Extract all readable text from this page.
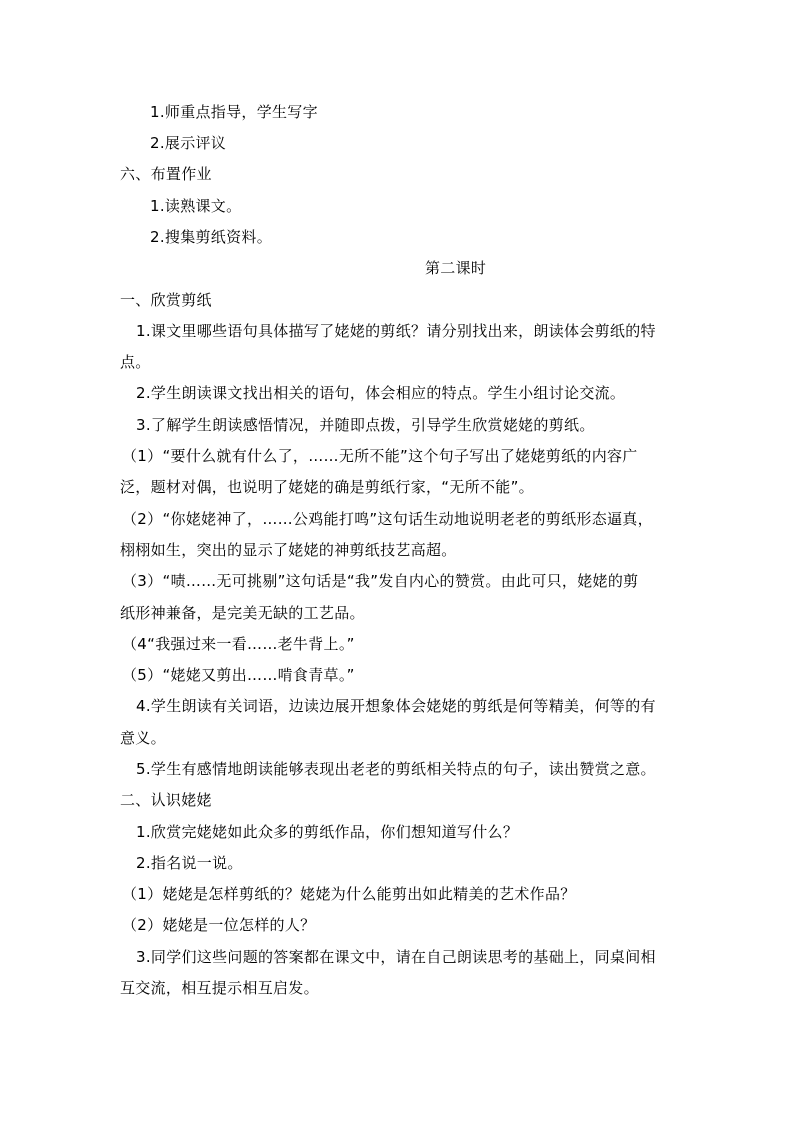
1.师重点指导，学生写字
2.展示评议
六、布置作业
1.读熟课文。
2.搜集剪纸资料。
第二课时
一、欣赏剪纸
1.课文里哪些语句具体描写了姥姥的剪纸？请分别找出来，朗读体会剪纸的特
点。
2.学生朗读课文找出相关的语句，体会相应的特点。学生小组讨论交流。
3.了解学生朗读感悟情况，并随即点拨，引导学生欣赏姥姥的剪纸。
（1）“要什么就有什么了，……无所不能”这个句子写出了姥姥剪纸的内容广
泛，题材对偶，也说明了姥姥的确是剪纸行家，“无所不能”。
（2）“你姥姥神了，……公鸡能打鸣”这句话生动地说明老老的剪纸形态逼真，
栩栩如生，突出的显示了姥姥的神剪纸技艺高超。
（3）“啧……无可挑剔”这句话是“我”发自内心的赞赏。由此可只，姥姥的剪
纸形神兼备，是完美无缺的工艺品。
（4“我强过来一看……老牛背上。”
（5）“姥姥又剪出……啃食青草。”
4.学生朗读有关词语，边读边展开想象体会姥姥的剪纸是何等精美，何等的有
意义。
5.学生有感情地朗读能够表现出老老的剪纸相关特点的句子，读出赞赏之意。
二、认识姥姥
1.欣赏完姥姥如此众多的剪纸作品，你们想知道写什么？
2.指名说一说。
（1）姥姥是怎样剪纸的？姥姥为什么能剪出如此精美的艺术作品？
（2）姥姥是一位怎样的人？
3.同学们这些问题的答案都在课文中，请在自己朗读思考的基础上，同桌间相
互交流，相互提示相互启发。
